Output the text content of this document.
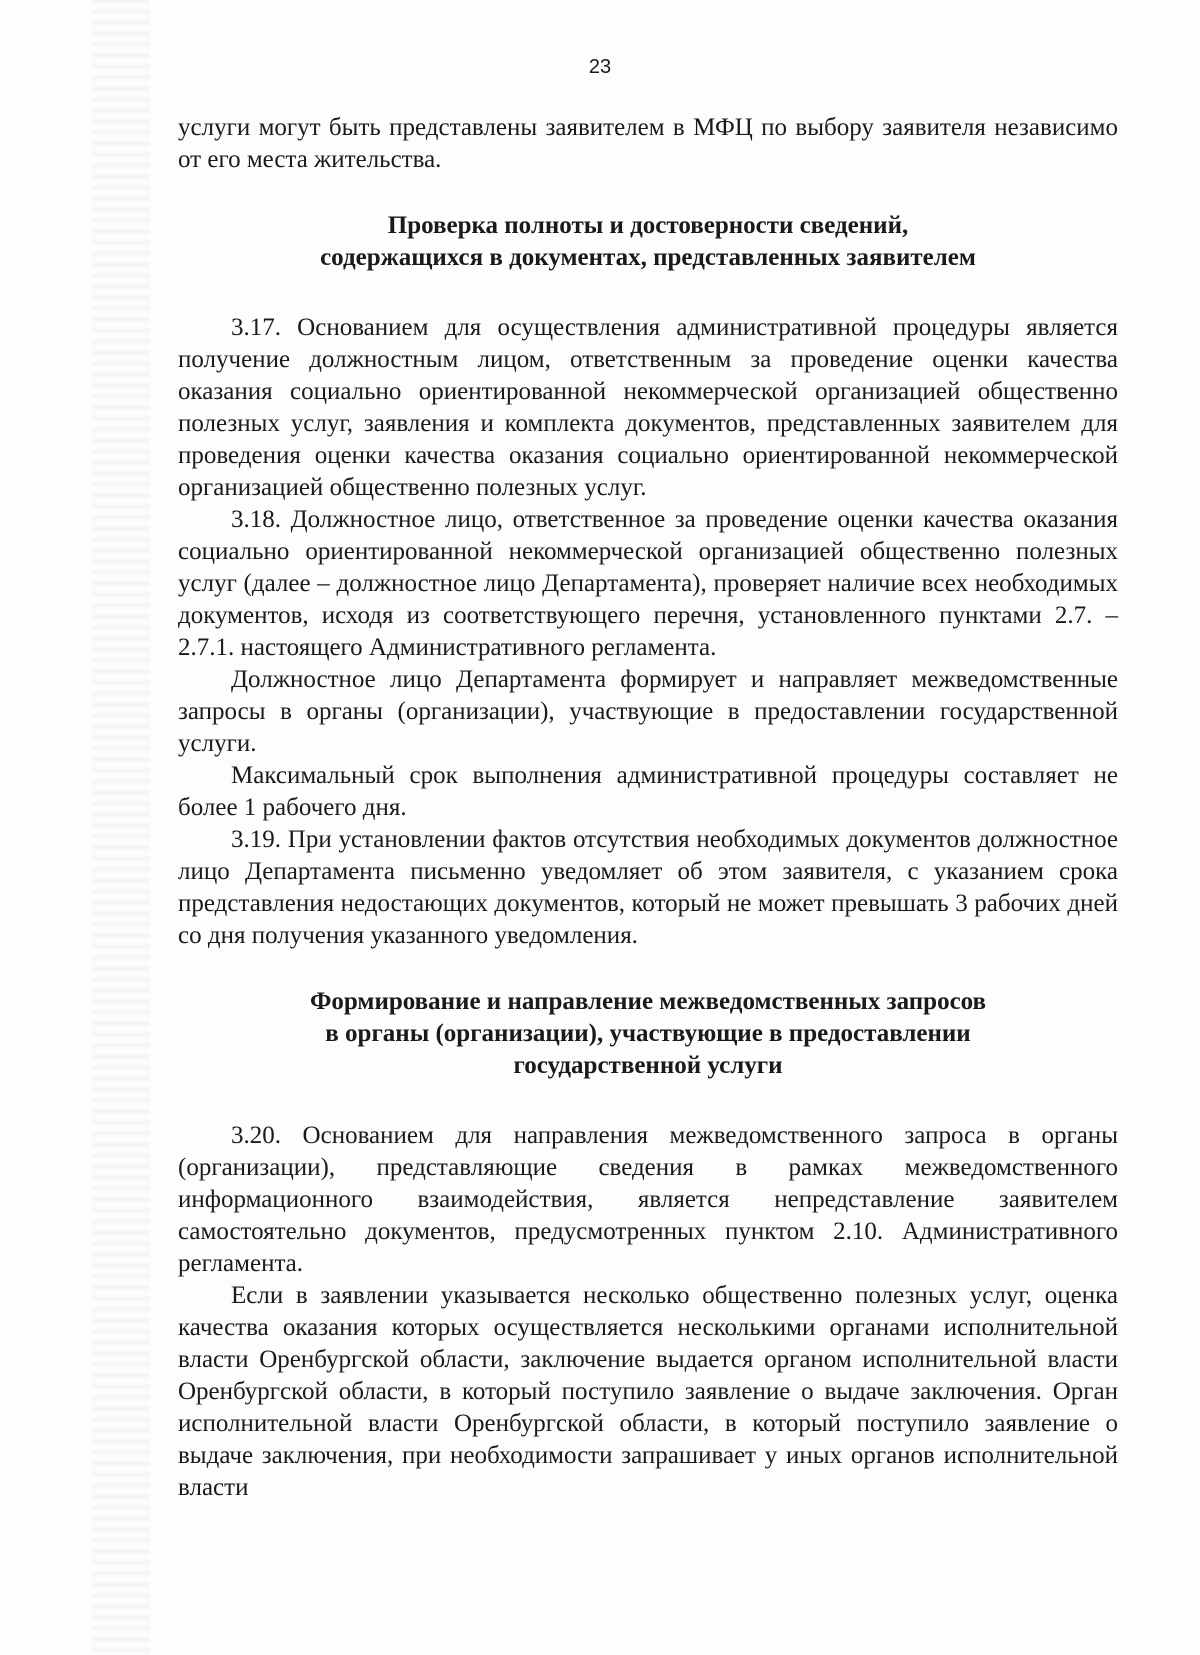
23

услуги могут быть представлены заявителем в МФЦ по выбору заявителя независимо от его места жительства.

Проверка полноты и достоверности сведений,
содержащихся в документах, представленных заявителем

3.17. Основанием для осуществления административной процедуры является получение должностным лицом, ответственным за проведение оценки качества оказания социально ориентированной некоммерческой организацией общественно полезных услуг, заявления и комплекта документов, представленных заявителем для проведения оценки качества оказания социально ориентированной некоммерческой организацией общественно полезных услуг.

3.18. Должностное лицо, ответственное за проведение оценки качества оказания социально ориентированной некоммерческой организацией общественно полезных услуг (далее – должностное лицо Департамента), проверяет наличие всех необходимых документов, исходя из соответствующего перечня, установленного пунктами 2.7. – 2.7.1. настоящего Административного регламента.

Должностное лицо Департамента формирует и направляет межведомственные запросы в органы (организации), участвующие в предоставлении государственной услуги.

Максимальный срок выполнения административной процедуры составляет не более 1 рабочего дня.

3.19. При установлении фактов отсутствия необходимых документов должностное лицо Департамента письменно уведомляет об этом заявителя, с указанием срока представления недостающих документов, который не может превышать 3 рабочих дней со дня получения указанного уведомления.

Формирование и направление межведомственных запросов
в органы (организации), участвующие в предоставлении
государственной услуги

3.20. Основанием для направления межведомственного запроса в органы (организации), представляющие сведения в рамках межведомственного информационного взаимодействия, является непредставление заявителем самостоятельно документов, предусмотренных пунктом 2.10. Административного регламента.

Если в заявлении указывается несколько общественно полезных услуг, оценка качества оказания которых осуществляется несколькими органами исполнительной власти Оренбургской области, заключение выдается органом исполнительной власти Оренбургской области, в который поступило заявление о выдаче заключения. Орган исполнительной власти Оренбургской области, в который поступило заявление о выдаче заключения, при необходимости запрашивает у иных органов исполнительной власти
